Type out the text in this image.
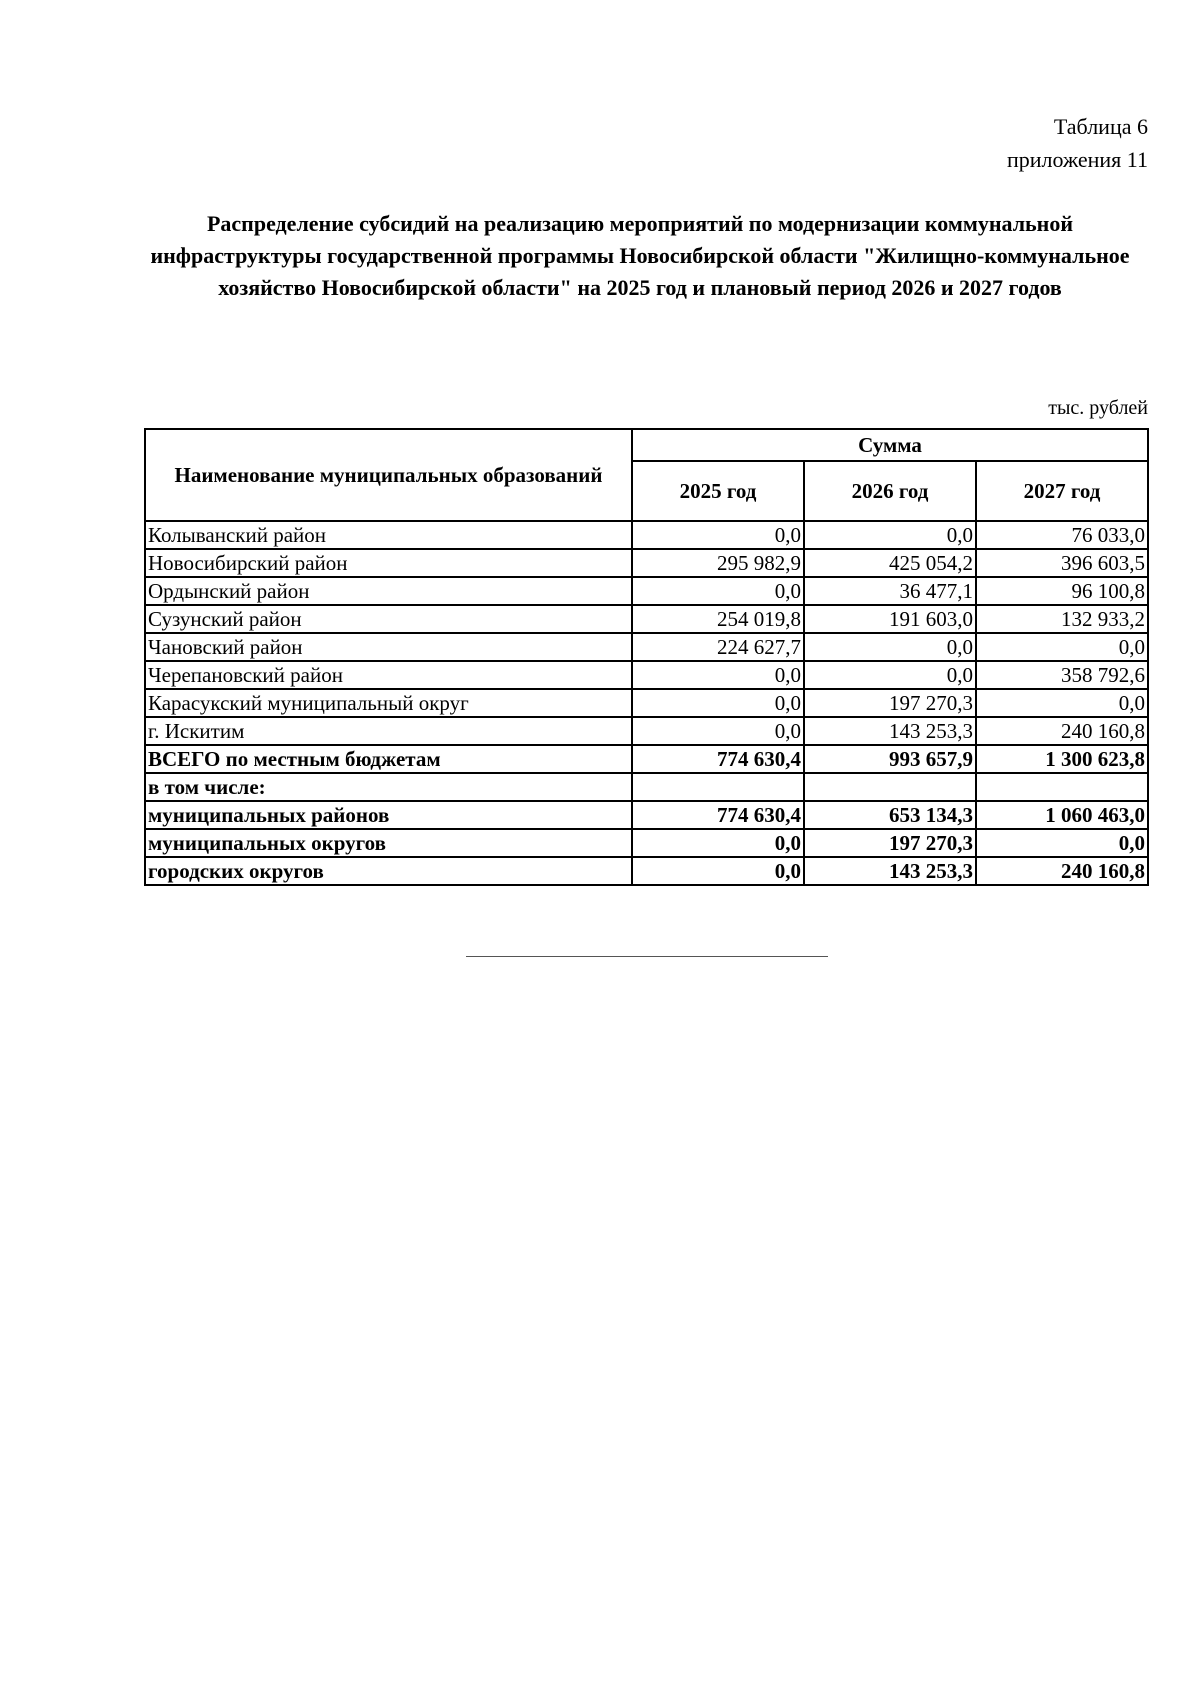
Таблица 6
приложения 11
Распределение субсидий на реализацию мероприятий по модернизации коммунальной инфраструктуры государственной программы Новосибирской области "Жилищно-коммунальное хозяйство Новосибирской области" на 2025 год и плановый период 2026 и 2027 годов
тыс. рублей
Наименование муниципальных образований	Сумма		
	2025 год	2026 год	2027 год
Колыванский район	0,0	0,0	76 033,0
Новосибирский район	295 982,9	425 054,2	396 603,5
Ордынский район	0,0	36 477,1	96 100,8
Сузунский район	254 019,8	191 603,0	132 933,2
Чановский район	224 627,7	0,0	0,0
Черепановский район	0,0	0,0	358 792,6
Карасукский муниципальный округ	0,0	197 270,3	0,0
г. Искитим	0,0	143 253,3	240 160,8
ВСЕГО по местным бюджетам	774 630,4	993 657,9	1 300 623,8
в том числе:			
муниципальных районов	774 630,4	653 134,3	1 060 463,0
муниципальных округов	0,0	197 270,3	0,0
городских округов	0,0	143 253,3	240 160,8
